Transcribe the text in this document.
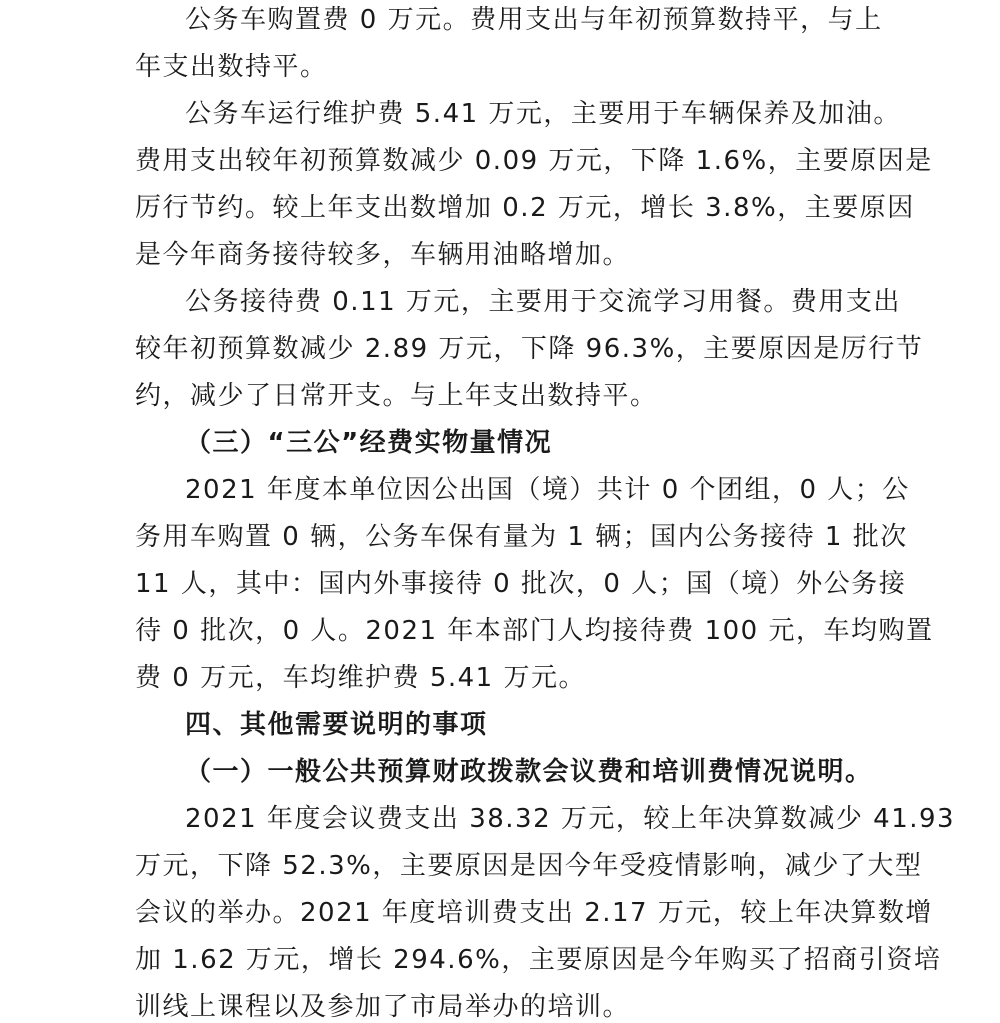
公务车购置费 0 万元。费用支出与年初预算数持平，与上
年支出数持平。
公务车运行维护费 5.41 万元，主要用于车辆保养及加油。
费用支出较年初预算数减少 0.09 万元，下降 1.6%，主要原因是
厉行节约。较上年支出数增加 0.2 万元，增长 3.8%，主要原因
是今年商务接待较多，车辆用油略增加。
公务接待费 0.11 万元，主要用于交流学习用餐。费用支出
较年初预算数减少 2.89 万元，下降 96.3%，主要原因是厉行节
约，减少了日常开支。与上年支出数持平。
（三）“三公”经费实物量情况
2021 年度本单位因公出国（境）共计 0 个团组，0 人；公
务用车购置 0 辆，公务车保有量为 1 辆；国内公务接待 1 批次
11 人，其中：国内外事接待 0 批次，0 人；国（境）外公务接
待 0 批次，0 人。2021 年本部门人均接待费 100 元，车均购置
费 0 万元，车均维护费 5.41 万元。
四、其他需要说明的事项
（一）一般公共预算财政拨款会议费和培训费情况说明。
2021 年度会议费支出 38.32 万元，较上年决算数减少 41.93
万元，下降 52.3%，主要原因是因今年受疫情影响，减少了大型
会议的举办。2021 年度培训费支出 2.17 万元，较上年决算数增
加 1.62 万元，增长 294.6%，主要原因是今年购买了招商引资培
训线上课程以及参加了市局举办的培训。
